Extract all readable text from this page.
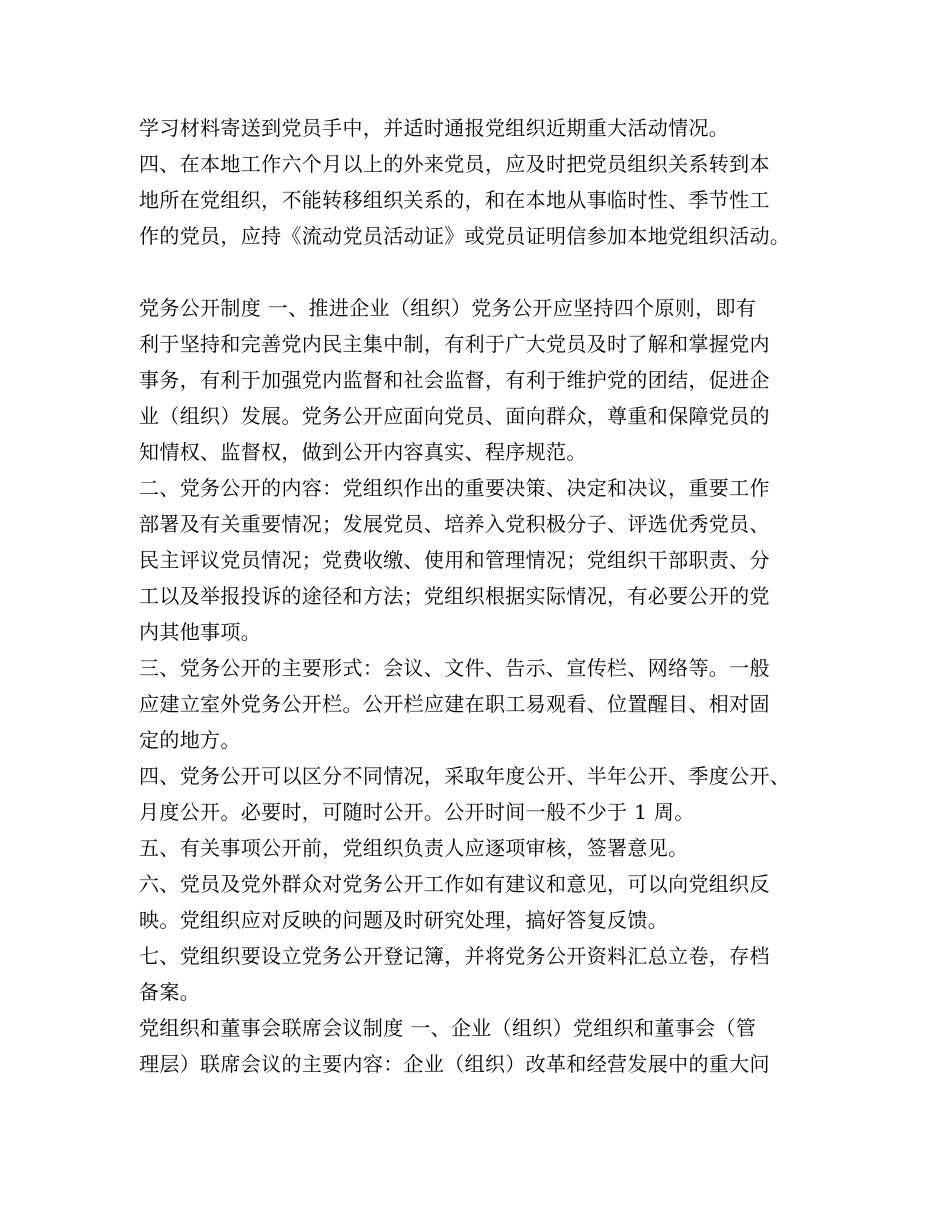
学习材料寄送到党员手中，并适时通报党组织近期重大活动情况。
四、在本地工作六个月以上的外来党员，应及时把党员组织关系转到本
地所在党组织，不能转移组织关系的，和在本地从事临时性、季节性工
作的党员，应持《流动党员活动证》或党员证明信参加本地党组织活动。
党务公开制度 一、推进企业（组织）党务公开应坚持四个原则，即有
利于坚持和完善党内民主集中制，有利于广大党员及时了解和掌握党内
事务，有利于加强党内监督和社会监督，有利于维护党的团结，促进企
业（组织）发展。党务公开应面向党员、面向群众，尊重和保障党员的
知情权、监督权，做到公开内容真实、程序规范。
二、党务公开的内容：党组织作出的重要决策、决定和决议，重要工作
部署及有关重要情况；发展党员、培养入党积极分子、评选优秀党员、
民主评议党员情况；党费收缴、使用和管理情况；党组织干部职责、分
工以及举报投诉的途径和方法；党组织根据实际情况，有必要公开的党
内其他事项。
三、党务公开的主要形式：会议、文件、告示、宣传栏、网络等。一般
应建立室外党务公开栏。公开栏应建在职工易观看、位置醒目、相对固
定的地方。
四、党务公开可以区分不同情况，采取年度公开、半年公开、季度公开、
月度公开。必要时，可随时公开。公开时间一般不少于 1 周。
五、有关事项公开前，党组织负责人应逐项审核，签署意见。
六、党员及党外群众对党务公开工作如有建议和意见，可以向党组织反
映。党组织应对反映的问题及时研究处理，搞好答复反馈。
七、党组织要设立党务公开登记簿，并将党务公开资料汇总立卷，存档
备案。
党组织和董事会联席会议制度 一、企业（组织）党组织和董事会（管
理层）联席会议的主要内容：企业（组织）改革和经营发展中的重大问
